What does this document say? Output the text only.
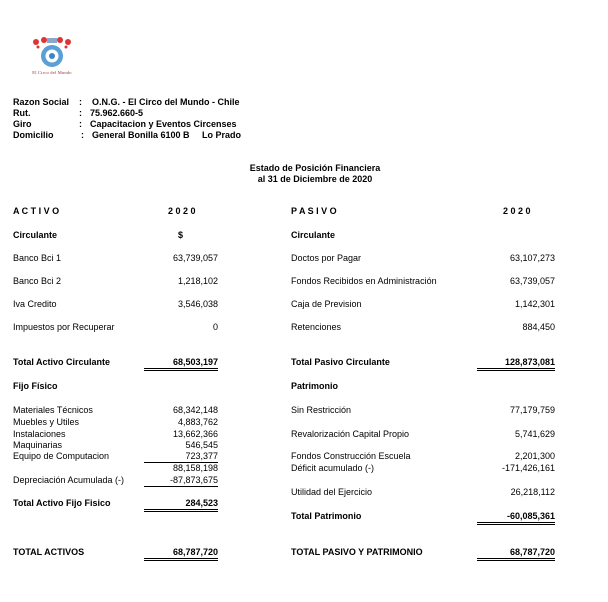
El Circo del Mundo
Razon Social : O.N.G. - El Circo del Mundo - Chile
Rut.	: 75.962.660-5
Giro	: Capacitacion y Eventos Circenses
Domicilio	: General Bonilla 6100 B     Lo Prado
Estado de Posición Financiera
al 31 de Diciembre de 2020
A C T I V O	2 0 2 0
Circulante	$
Banco Bci 1	63,739,057
Banco Bci 2	1,218,102
Iva Credito	3,546,038
Impuestos por Recuperar	0
Total Activo Circulante	68,503,197
Fijo Físico
Materiales Técnicos	68,342,148
Muebles y Utiles	4,883,762
Instalaciones	13,662,366
Maquinarias	546,545
Equipo de Computacion	723,377
88,158,198
Depreciación Acumulada (-)	-87,873,675
Total Activo Fijo Fisico	284,523
TOTAL ACTIVOS	68,787,720
P A S I V O	2 0 2 0
Circulante
Doctos por Pagar	63,107,273
Fondos Recibidos en Administración	63,739,057
Caja de Prevision	1,142,301
Retenciones	884,450
Total Pasivo Circulante	128,873,081
Patrimonio
Sin Restricción	77,179,759
Revalorización Capital Propio	5,741,629
Fondos Construcción Escuela	2,201,300
Déficit acumulado (-)	-171,426,161
Utilidad del Ejercicio	26,218,112
Total Patrimonio	-60,085,361
TOTAL PASIVO Y PATRIMONIO	68,787,720
